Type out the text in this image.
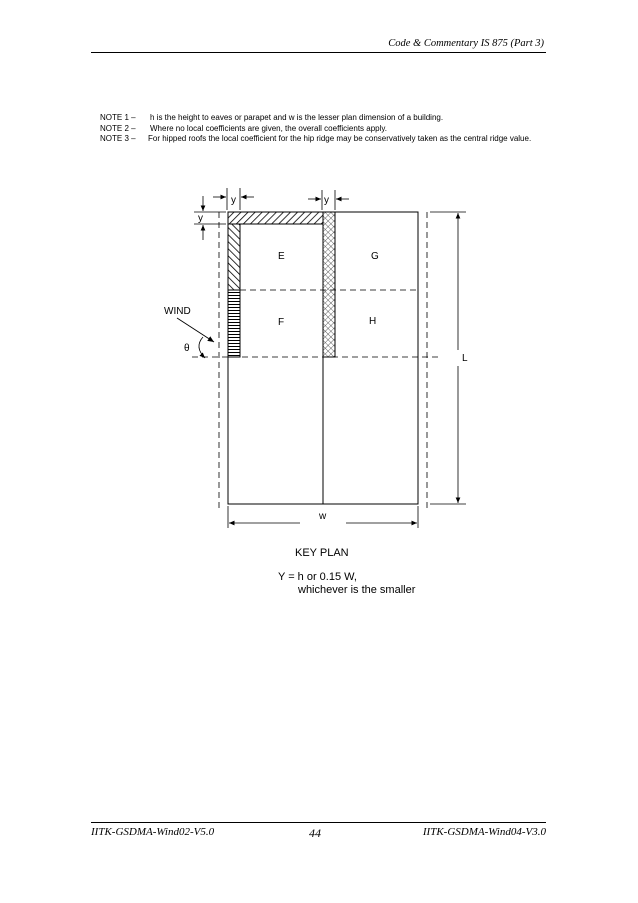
Code & Commentary IS 875 (Part 3)
NOTE 1 –	h is the height to eaves or parapet and w is the lesser plan dimension of a building.
NOTE 2 –	Where no local coefficients are given, the overall coefficients apply.
NOTE 3 –	For hipped roofs the local coefficient for the hip ridge may be conservatively taken as the central ridge value.
y	y
y
E	G
F	H
WIND
θ
L
w
KEY PLAN
Y = h or 0.15 W,
whichever is the smaller
IITK-GSDMA-Wind02-V5.0	44	IITK-GSDMA-Wind04-V3.0
